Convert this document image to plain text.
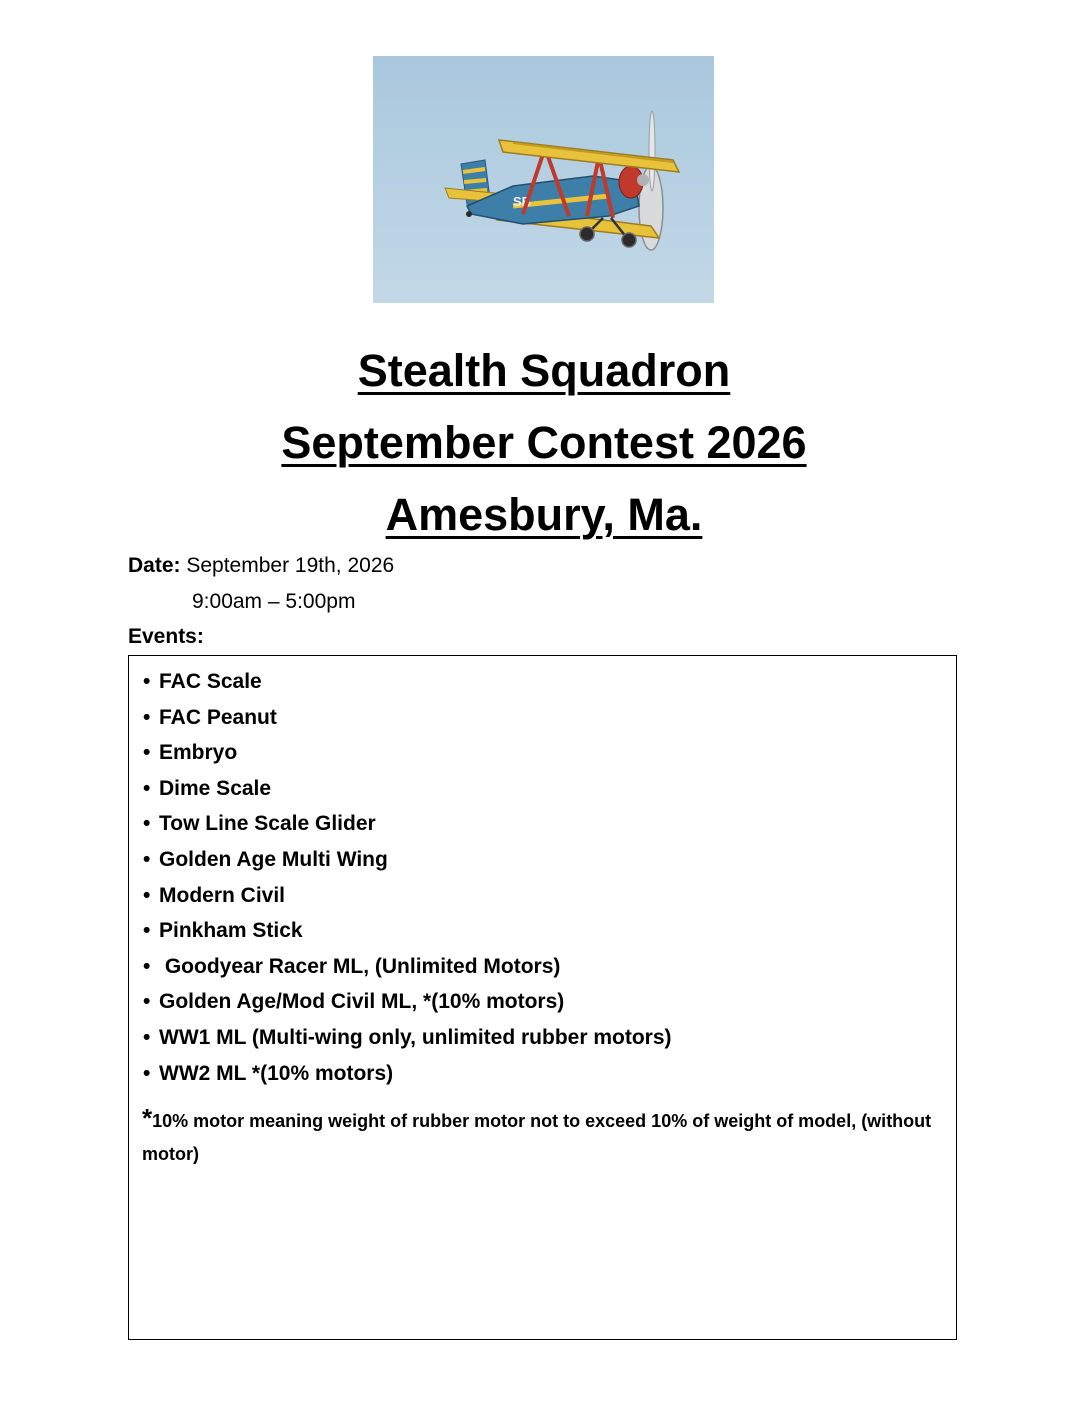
SB
Stealth Squadron
September Contest 2026
Amesbury, Ma.
Date: September 19th, 2026
9:00am – 5:00pm
Events:
• FAC Scale
• FAC Peanut
• Embryo
• Dime Scale
• Tow Line Scale Glider
• Golden Age Multi Wing
• Modern Civil
• Pinkham Stick
• Goodyear Racer ML, (Unlimited Motors)
• Golden Age/Mod Civil ML, *(10% motors)
• WW1 ML (Multi-wing only, unlimited rubber motors)
• WW2 ML *(10% motors)
*10% motor meaning weight of rubber motor not to exceed 10% of weight of model, (without motor)
